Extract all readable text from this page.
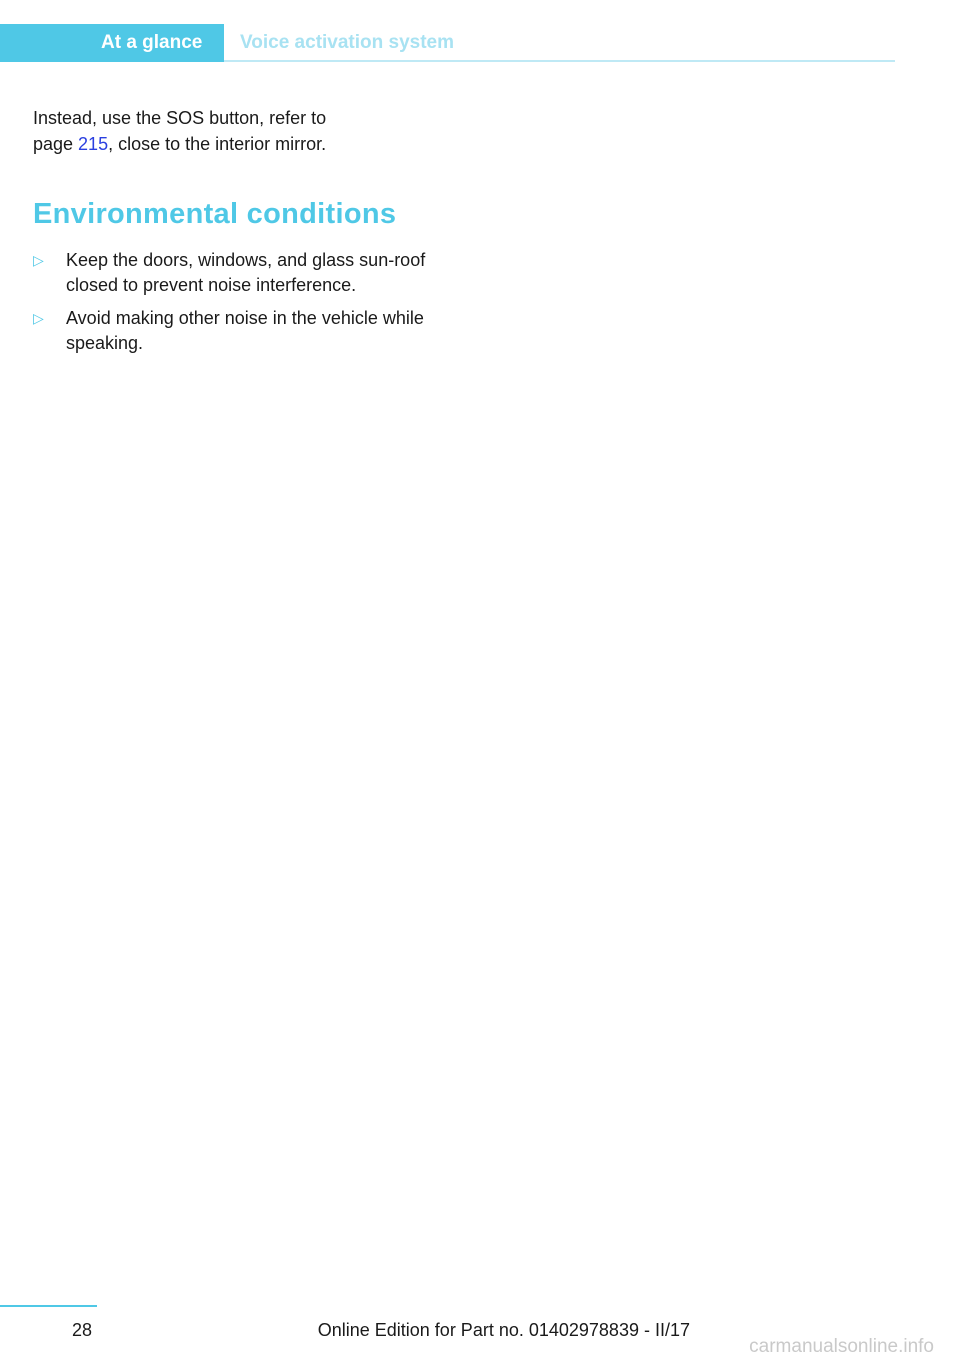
At a glance	Voice activation system
Instead, use the SOS button, refer to
page 215, close to the interior mirror.
Environmental conditions
▷ Keep the doors, windows, and glass sun‐roof closed to prevent noise interference.
▷ Avoid making other noise in the vehicle while speaking.
28	Online Edition for Part no. 01402978839 - II/17
carmanualsonline.info
